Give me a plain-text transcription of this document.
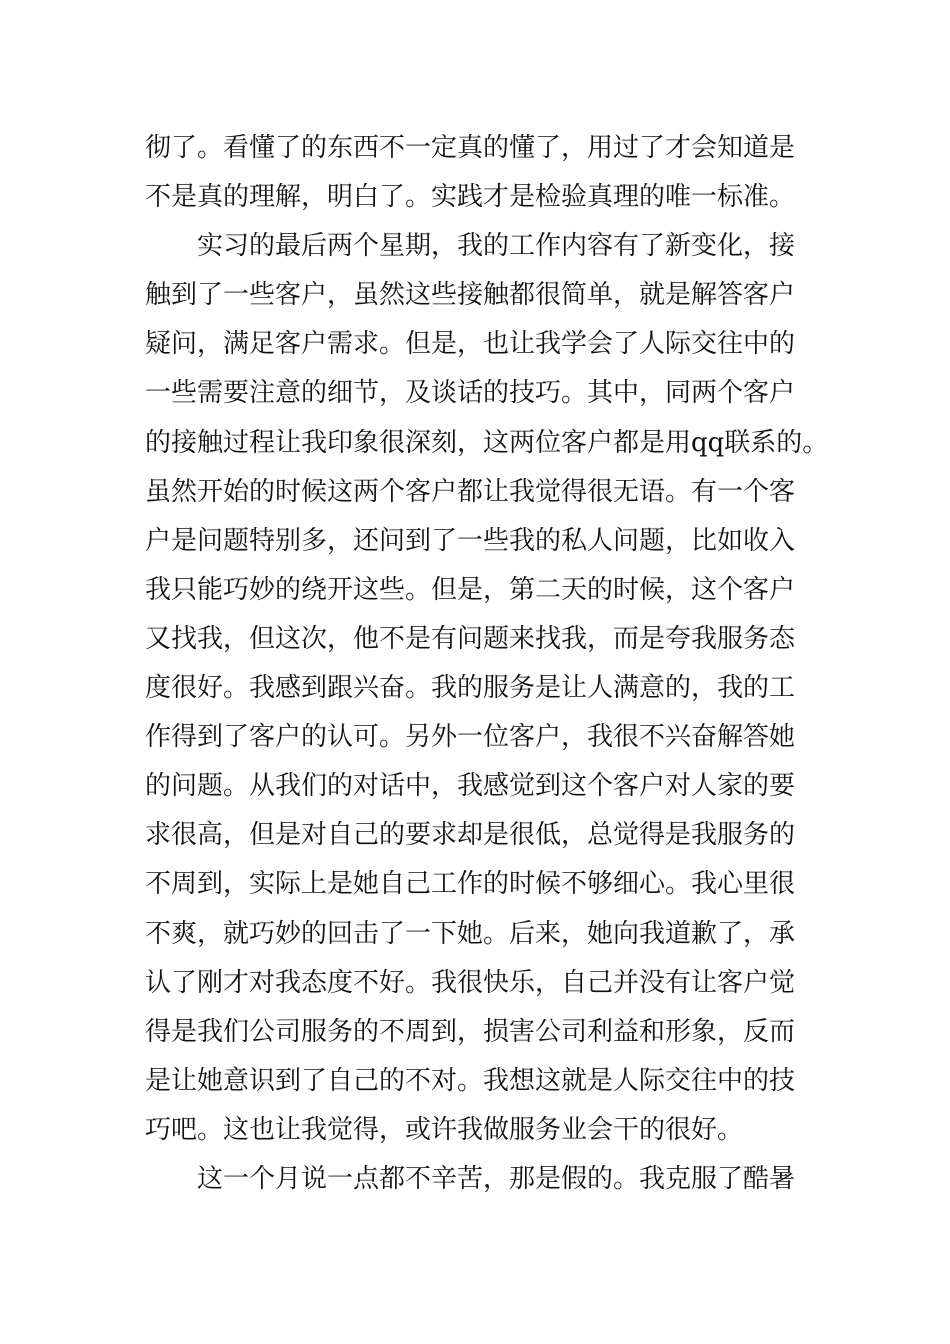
彻了。看懂了的东西不一定真的懂了，用过了才会知道是
不是真的理解，明白了。实践才是检验真理的唯一标准。
实习的最后两个星期，我的工作内容有了新变化，接
触到了一些客户，虽然这些接触都很简单，就是解答客户
疑问，满足客户需求。但是，也让我学会了人际交往中的
一些需要注意的细节，及谈话的技巧。其中，同两个客户
的接触过程让我印象很深刻，这两位客户都是用qq联系的。
虽然开始的时候这两个客户都让我觉得很无语。有一个客
户是问题特别多，还问到了一些我的私人问题，比如收入
我只能巧妙的绕开这些。但是，第二天的时候，这个客户
又找我，但这次，他不是有问题来找我，而是夸我服务态
度很好。我感到跟兴奋。我的服务是让人满意的，我的工
作得到了客户的认可。另外一位客户，我很不兴奋解答她
的问题。从我们的对话中，我感觉到这个客户对人家的要
求很高，但是对自己的要求却是很低，总觉得是我服务的
不周到，实际上是她自己工作的时候不够细心。我心里很
不爽，就巧妙的回击了一下她。后来，她向我道歉了，承
认了刚才对我态度不好。我很快乐，自己并没有让客户觉
得是我们公司服务的不周到，损害公司利益和形象，反而
是让她意识到了自己的不对。我想这就是人际交往中的技
巧吧。这也让我觉得，或许我做服务业会干的很好。
这一个月说一点都不辛苦，那是假的。我克服了酷暑
